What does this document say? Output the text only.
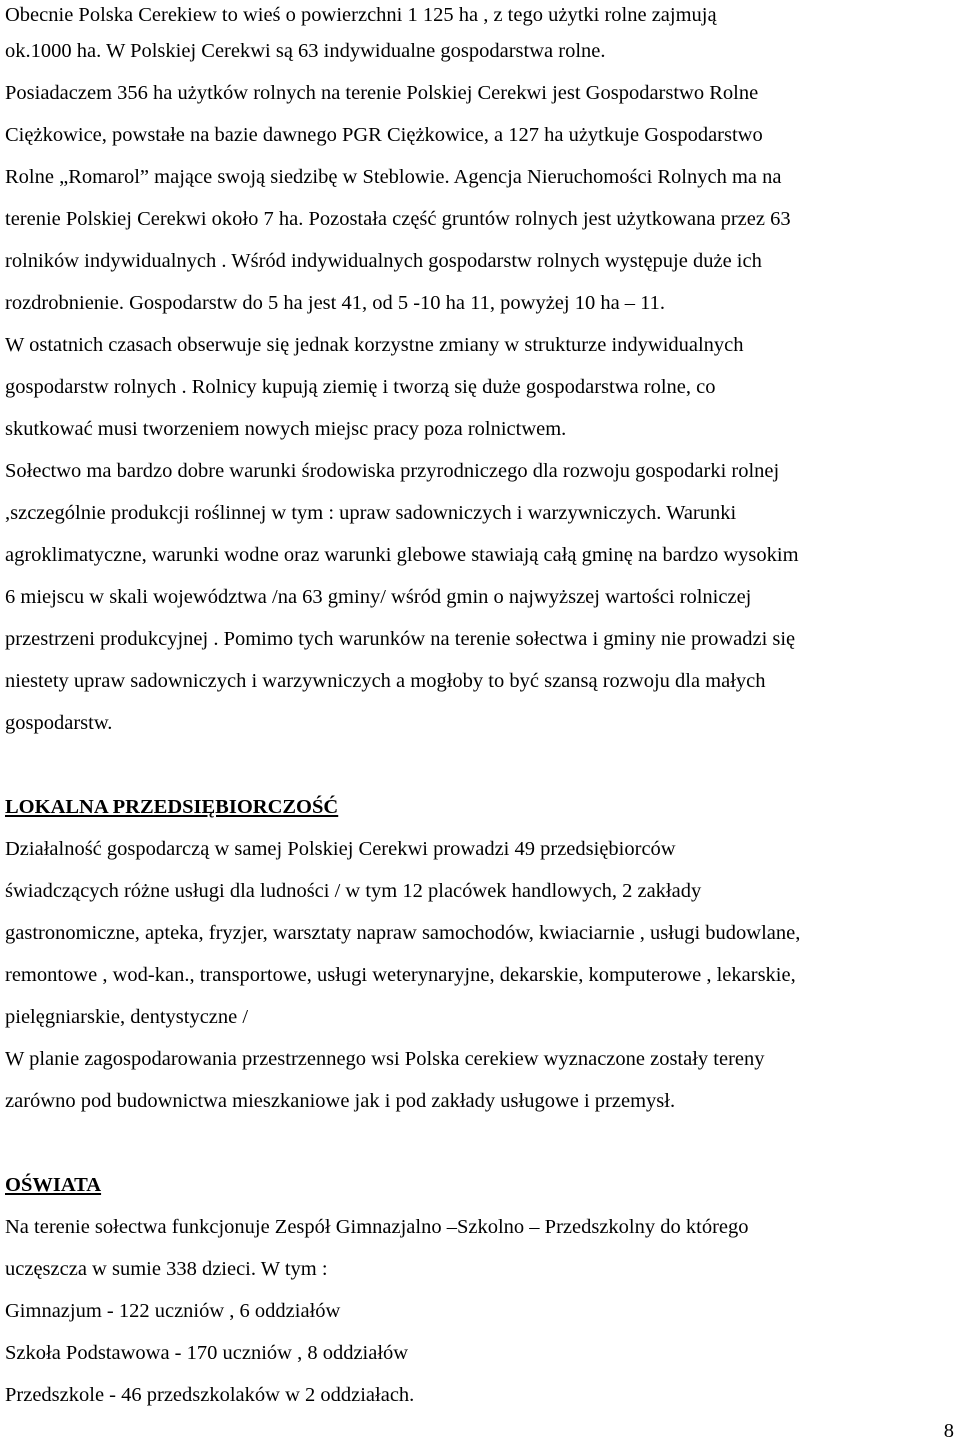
Obecnie Polska Cerekiew to wieś o powierzchni 1 125 ha , z tego użytki rolne zajmują
ok.1000 ha. W Polskiej Cerekwi są 63 indywidualne gospodarstwa rolne.
Posiadaczem 356 ha użytków rolnych na terenie Polskiej Cerekwi jest Gospodarstwo Rolne
Ciężkowice, powstałe na bazie dawnego PGR Ciężkowice, a 127 ha użytkuje Gospodarstwo
Rolne „Romarol” mające swoją siedzibę w Steblowie. Agencja Nieruchomości Rolnych ma na
terenie Polskiej Cerekwi około 7 ha. Pozostała część gruntów rolnych jest użytkowana przez 63
rolników indywidualnych . Wśród indywidualnych gospodarstw rolnych występuje duże ich
rozdrobnienie. Gospodarstw do 5 ha jest 41, od 5 -10 ha 11, powyżej 10 ha – 11.
W ostatnich czasach obserwuje się jednak korzystne zmiany w strukturze indywidualnych
gospodarstw rolnych . Rolnicy kupują ziemię i tworzą się duże gospodarstwa rolne, co
skutkować musi tworzeniem nowych miejsc pracy poza rolnictwem.
Sołectwo ma bardzo dobre warunki środowiska przyrodniczego dla rozwoju gospodarki rolnej
,szczególnie produkcji roślinnej w tym : upraw sadowniczych i warzywniczych. Warunki
agroklimatyczne, warunki wodne oraz warunki glebowe stawiają całą gminę na bardzo wysokim
6 miejscu w skali województwa /na 63 gminy/ wśród gmin o najwyższej wartości rolniczej
przestrzeni produkcyjnej . Pomimo tych warunków na terenie sołectwa i gminy nie prowadzi się
niestety upraw sadowniczych i warzywniczych a mogłoby to być szansą rozwoju dla małych
gospodarstw.
LOKALNA PRZEDSIĘBIORCZOŚĆ
Działalność gospodarczą w samej Polskiej Cerekwi prowadzi 49 przedsiębiorców
świadczących różne usługi dla ludności / w tym 12 placówek handlowych, 2 zakłady
gastronomiczne, apteka, fryzjer, warsztaty napraw samochodów, kwiaciarnie , usługi budowlane,
remontowe , wod-kan., transportowe, usługi weterynaryjne, dekarskie, komputerowe , lekarskie,
pielęgniarskie, dentystyczne /
W planie zagospodarowania przestrzennego wsi Polska cerekiew wyznaczone zostały tereny
zarówno pod budownictwa mieszkaniowe jak i pod zakłady usługowe i przemysł.
OŚWIATA
Na terenie sołectwa funkcjonuje Zespół Gimnazjalno –Szkolno – Przedszkolny do którego
uczęszcza w sumie 338 dzieci. W tym :
Gimnazjum - 122 uczniów , 6 oddziałów
Szkoła Podstawowa - 170 uczniów , 8 oddziałów
Przedszkole - 46 przedszkolaków w 2 oddziałach.
8
